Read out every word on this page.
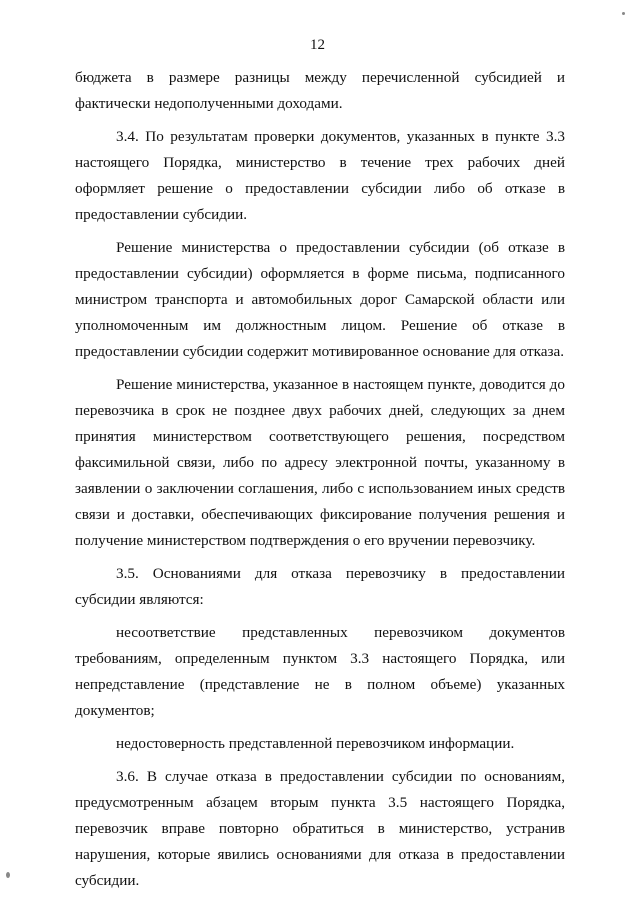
12

бюджета в размере разницы между перечисленной субсидией и фактически недополученными доходами.

3.4. По результатам проверки документов, указанных в пункте 3.3 настоящего Порядка, министерство в течение трех рабочих дней оформляет решение о предоставлении субсидии либо об отказе в предоставлении субсидии.

Решение министерства о предоставлении субсидии (об отказе в предоставлении субсидии) оформляется в форме письма, подписанного министром транспорта и автомобильных дорог Самарской области или уполномоченным им должностным лицом. Решение об отказе в предоставлении субсидии содержит мотивированное основание для отказа.

Решение министерства, указанное в настоящем пункте, доводится до перевозчика в срок не позднее двух рабочих дней, следующих за днем принятия министерством соответствующего решения, посредством факсимильной связи, либо по адресу электронной почты, указанному в заявлении о заключении соглашения, либо с использованием иных средств связи и доставки, обеспечивающих фиксирование получения решения и получение министерством подтверждения о его вручении перевозчику.

3.5. Основаниями для отказа перевозчику в предоставлении субсидии являются:

несоответствие представленных перевозчиком документов требованиям, определенным пунктом 3.3 настоящего Порядка, или непредставление (представление не в полном объеме) указанных документов;

недостоверность представленной перевозчиком информации.

3.6. В случае отказа в предоставлении субсидии по основаниям, предусмотренным абзацем вторым пункта 3.5 настоящего Порядка, перевозчик вправе повторно обратиться в министерство, устранив нарушения, которые явились основаниями для отказа в предоставлении субсидии.
